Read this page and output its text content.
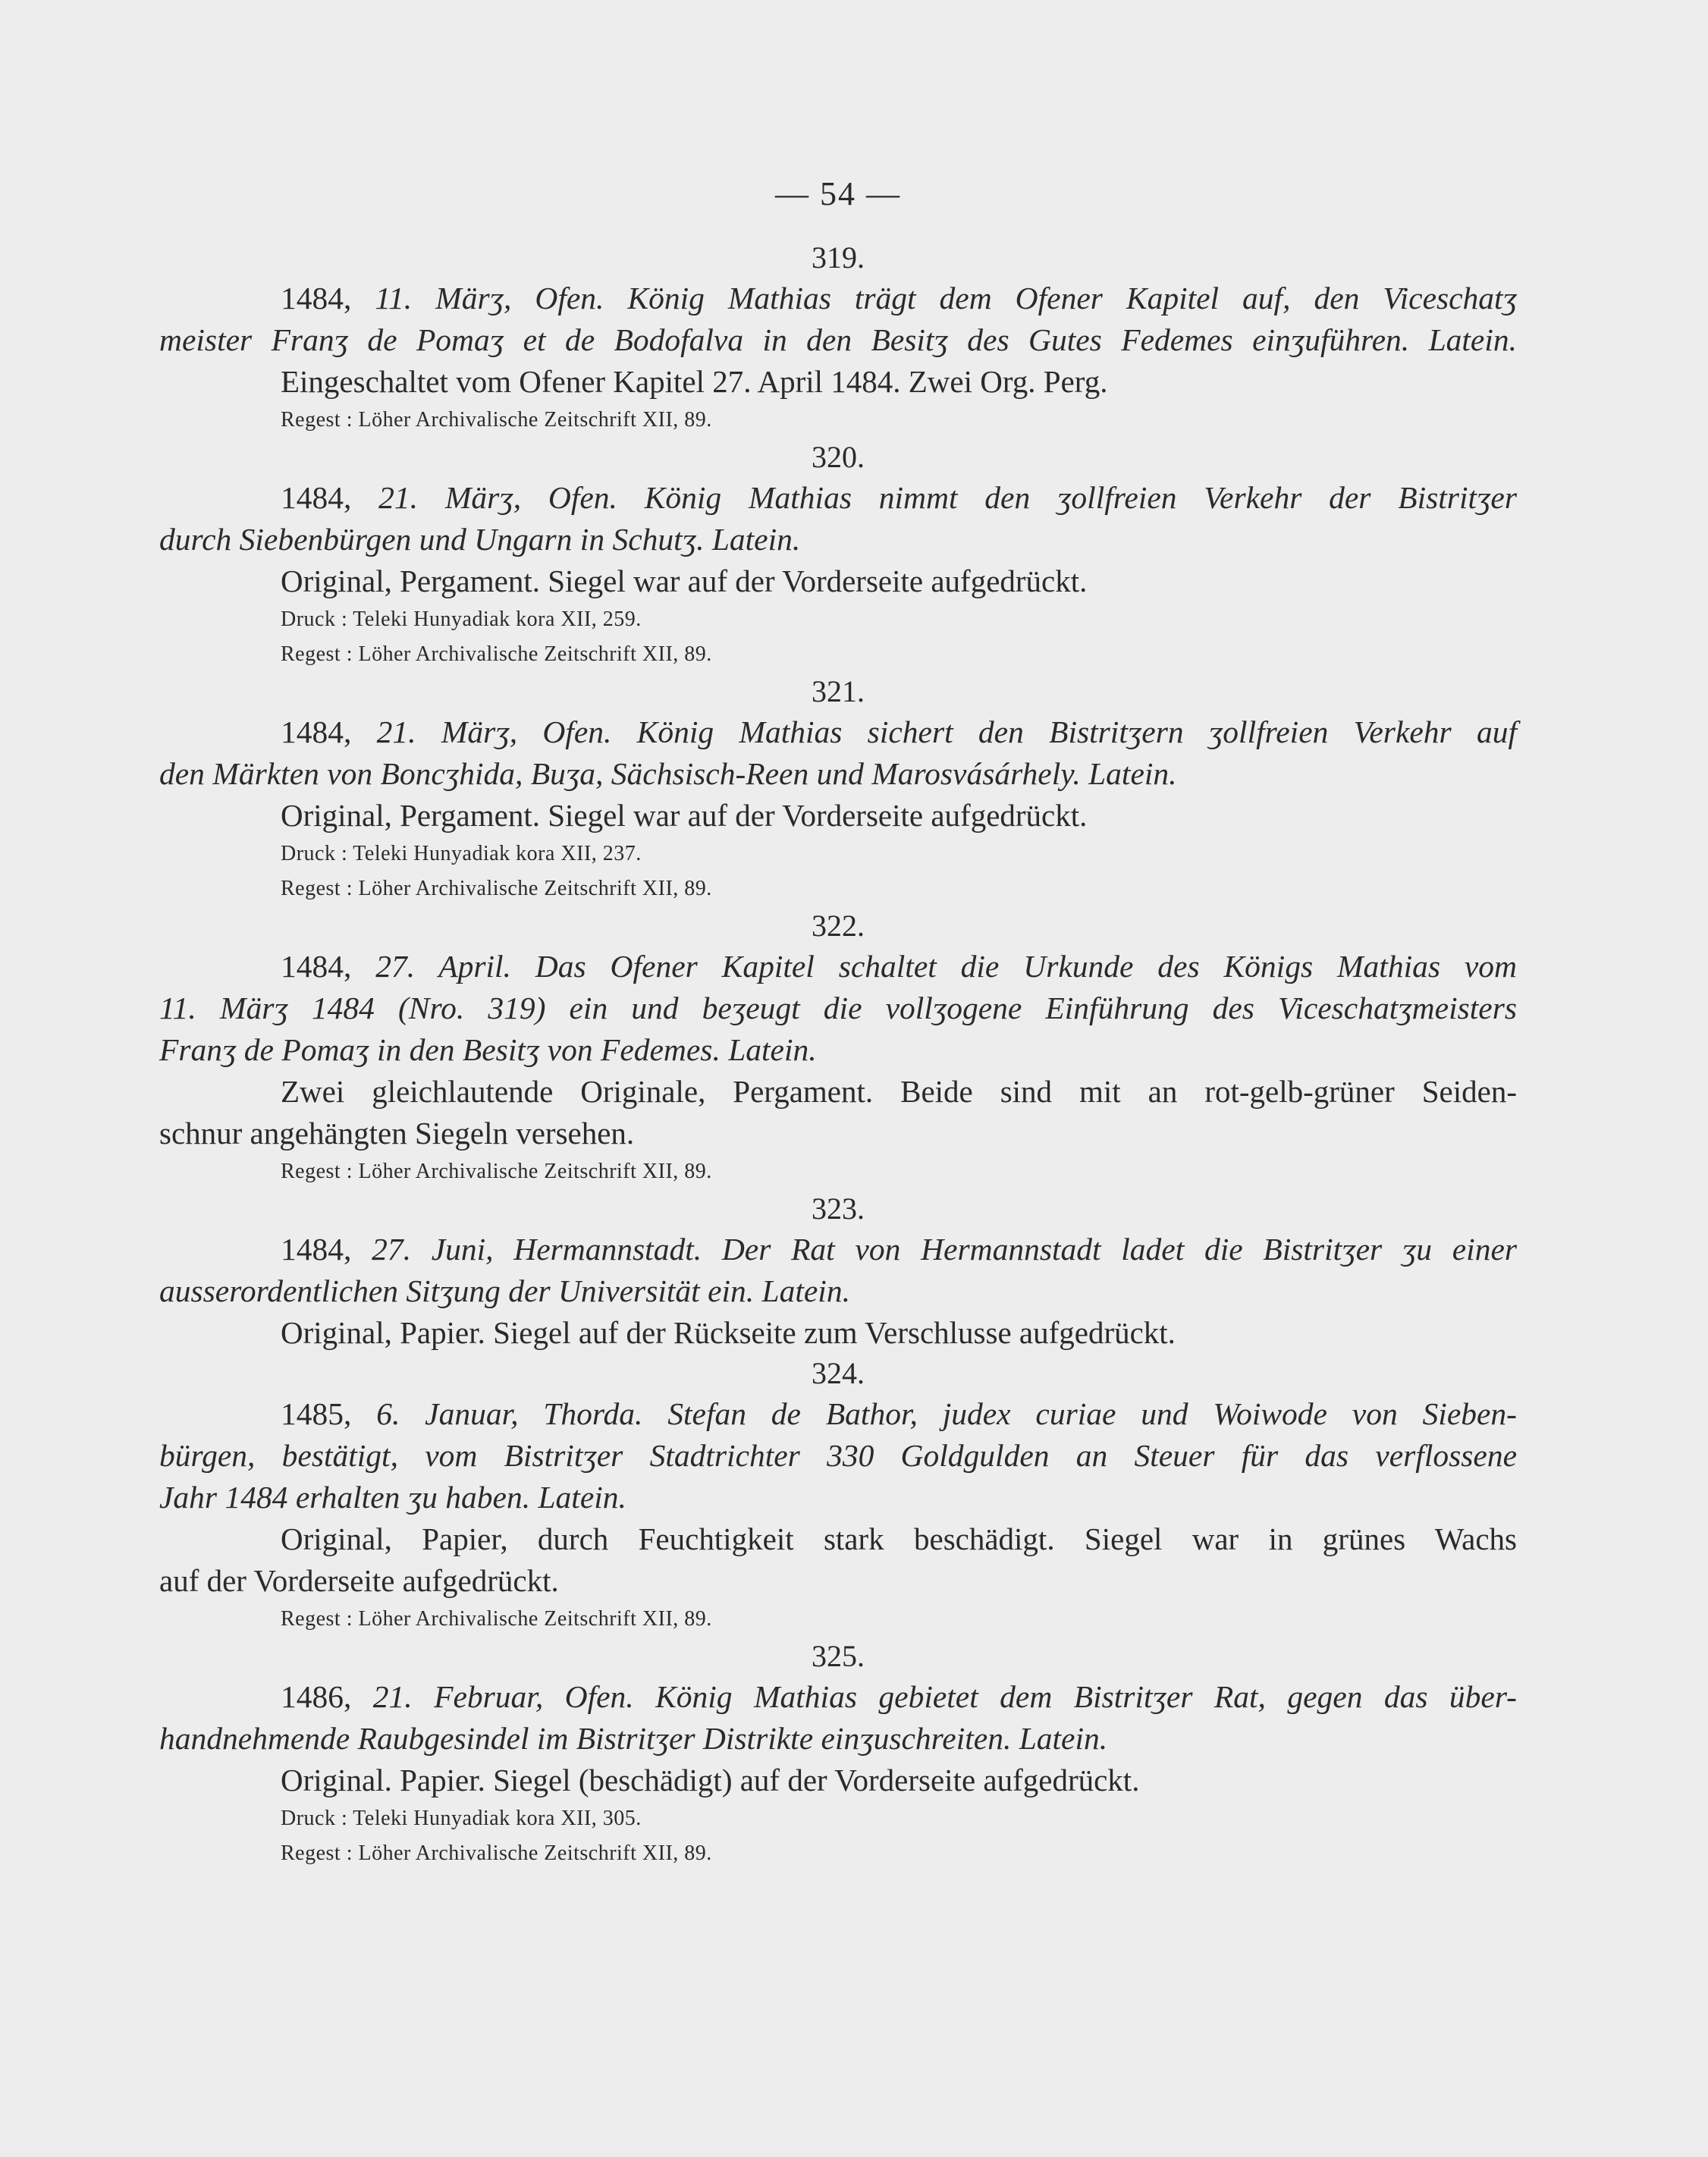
— 54 —
319.
1484, 11. Märʒ, Ofen. König Mathias trägt dem Ofener Kapitel auf, den Viceschatʒ
meister Franʒ de Pomaʒ et de Bodofalva in den Besitʒ des Gutes Fedemes einʒuführen. Latein.
Eingeschaltet vom Ofener Kapitel 27. April 1484. Zwei Org. Perg.
Regest : Löher Archivalische Zeitschrift XII, 89.
320.
1484, 21. Märʒ, Ofen. König Mathias nimmt den ʒollfreien Verkehr der Bistritʒer
durch Siebenbürgen und Ungarn in Schutʒ. Latein.
Original, Pergament. Siegel war auf der Vorderseite aufgedrückt.
Druck : Teleki Hunyadiak kora XII, 259.
Regest : Löher Archivalische Zeitschrift XII, 89.
321.
1484, 21. Märʒ, Ofen. König Mathias sichert den Bistritʒern ʒollfreien Verkehr auf
den Märkten von Boncʒhida, Buʒa, Sächsisch-Reen und Marosvásárhely. Latein.
Original, Pergament. Siegel war auf der Vorderseite aufgedrückt.
Druck : Teleki Hunyadiak kora XII, 237.
Regest : Löher Archivalische Zeitschrift XII, 89.
322.
1484, 27. April. Das Ofener Kapitel schaltet die Urkunde des Königs Mathias vom
11. Märʒ 1484 (Nro. 319) ein und beʒeugt die vollʒogene Einführung des Viceschatʒmeisters
Franʒ de Pomaʒ in den Besitʒ von Fedemes. Latein.
Zwei gleichlautende Originale, Pergament. Beide sind mit an rot-gelb-grüner Seiden-
schnur angehängten Siegeln versehen.
Regest : Löher Archivalische Zeitschrift XII, 89.
323.
1484, 27. Juni, Hermannstadt. Der Rat von Hermannstadt ladet die Bistritʒer ʒu einer
ausserordentlichen Sitʒung der Universität ein. Latein.
Original, Papier. Siegel auf der Rückseite zum Verschlusse aufgedrückt.
324.
1485, 6. Januar, Thorda. Stefan de Bathor, judex curiae und Woiwode von Sieben-
bürgen, bestätigt, vom Bistritʒer Stadtrichter 330 Goldgulden an Steuer für das verflossene
Jahr 1484 erhalten ʒu haben. Latein.
Original, Papier, durch Feuchtigkeit stark beschädigt. Siegel war in grünes Wachs
auf der Vorderseite aufgedrückt.
Regest : Löher Archivalische Zeitschrift XII, 89.
325.
1486, 21. Februar, Ofen. König Mathias gebietet dem Bistritʒer Rat, gegen das über-
handnehmende Raubgesindel im Bistritʒer Distrikte einʒuschreiten. Latein.
Original. Papier. Siegel (beschädigt) auf der Vorderseite aufgedrückt.
Druck : Teleki Hunyadiak kora XII, 305.
Regest : Löher Archivalische Zeitschrift XII, 89.
